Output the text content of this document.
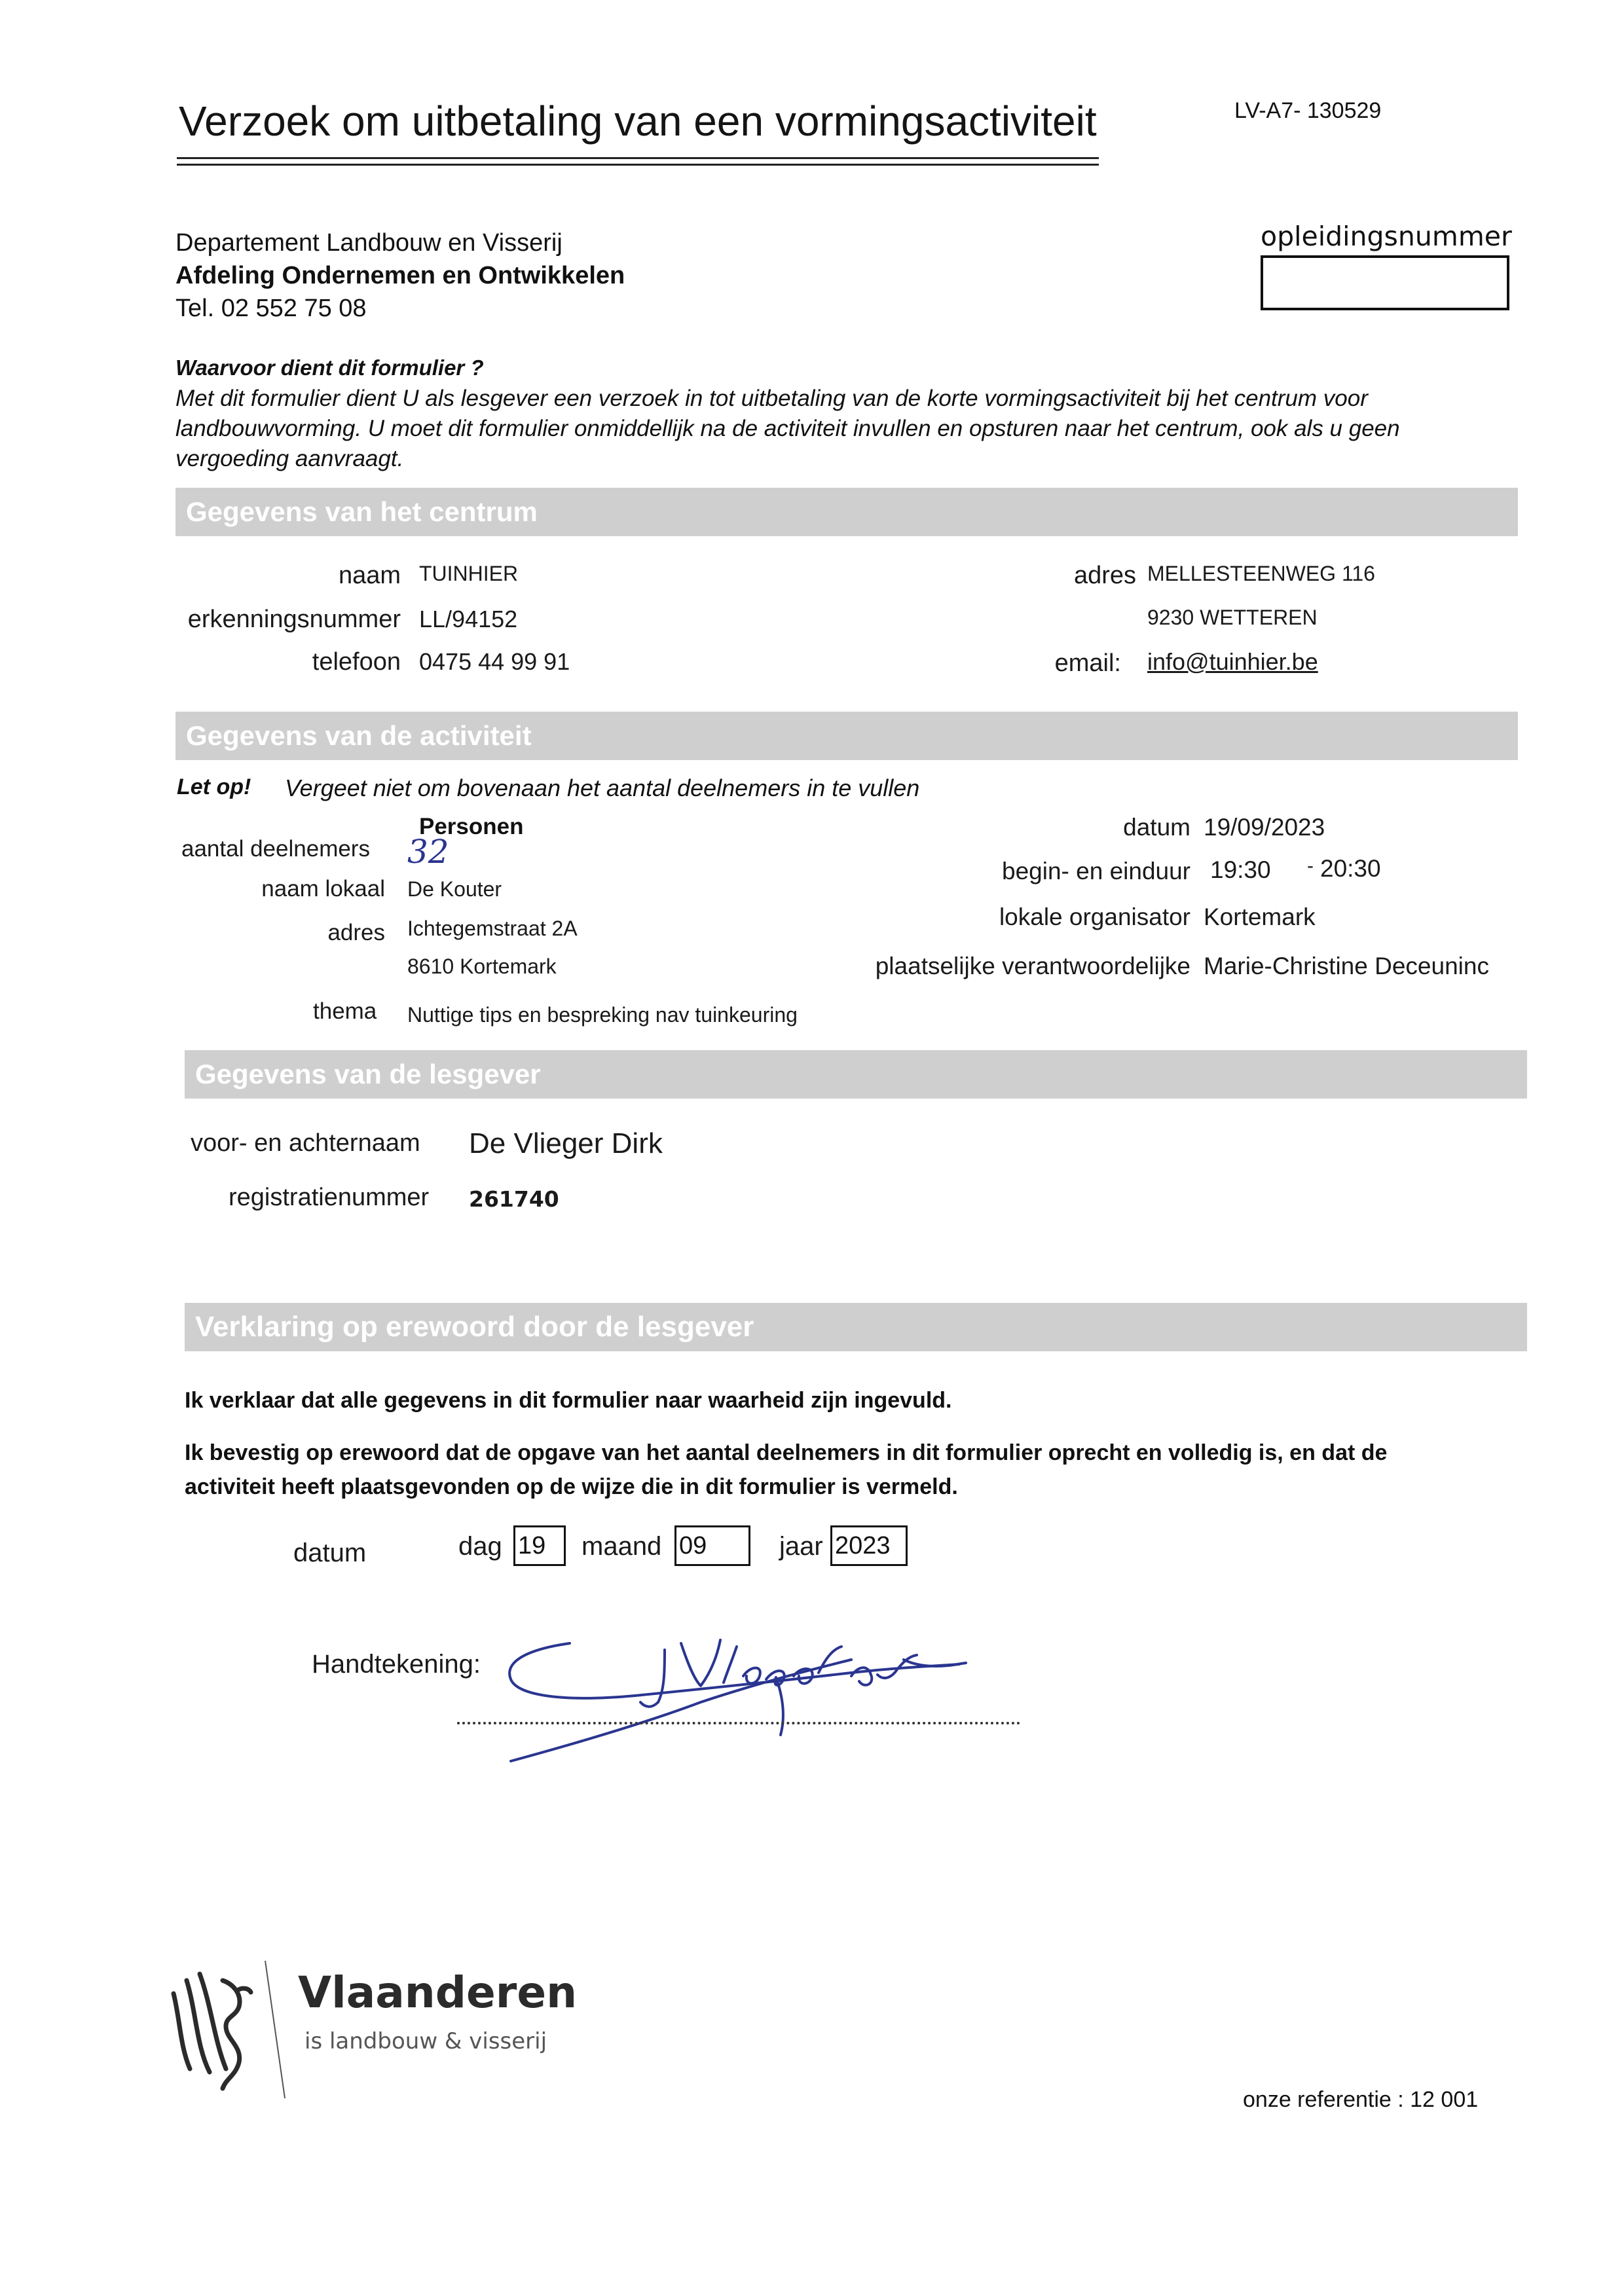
Verzoek om uitbetaling van een vormingsactiviteit	LV-A7- 130529
Departement Landbouw en Visserij
Afdeling Ondernemen en Ontwikkelen
Tel. 02 552 75 08
opleidingsnummer
Waarvoor dient dit formulier ?
Met dit formulier dient U als lesgever een verzoek in tot uitbetaling van de korte vormingsactiviteit bij het centrum voor landbouwvorming. U moet dit formulier onmiddellijk na de activiteit invullen en opsturen naar het centrum, ook als u geen vergoeding aanvraagt.
Gegevens van het centrum
naam TUINHIER
erkenningsnummer LL/94152
telefoon 0475 44 99 91
adres MELLESTEENWEG 116
9230 WETTEREN
email: info@tuinhier.be
Gegevens van de activiteit
Let op! Vergeet niet om bovenaan het aantal deelnemers in te vullen
Personen
aantal deelnemers 32
naam lokaal De Kouter
adres Ichtegemstraat 2A
8610 Kortemark
thema Nuttige tips en bespreking nav tuinkeuring
datum 19/09/2023
begin- en einduur 19:30 - 20:30
lokale organisator Kortemark
plaatselijke verantwoordelijke Marie-Christine Deceuninc
Gegevens van de lesgever
voor- en achternaam De Vlieger Dirk
registratienummer 261740
Verklaring op erewoord door de lesgever
Ik verklaar dat alle gegevens in dit formulier naar waarheid zijn ingevuld.
Ik bevestig op erewoord dat de opgave van het aantal deelnemers in dit formulier oprecht en volledig is, en dat de
activiteit heeft plaatsgevonden op de wijze die in dit formulier is vermeld.
datum	dag 19	maand 09	jaar 2023
Handtekening:
Vlaanderen
is landbouw & visserij
onze referentie : 12 001
